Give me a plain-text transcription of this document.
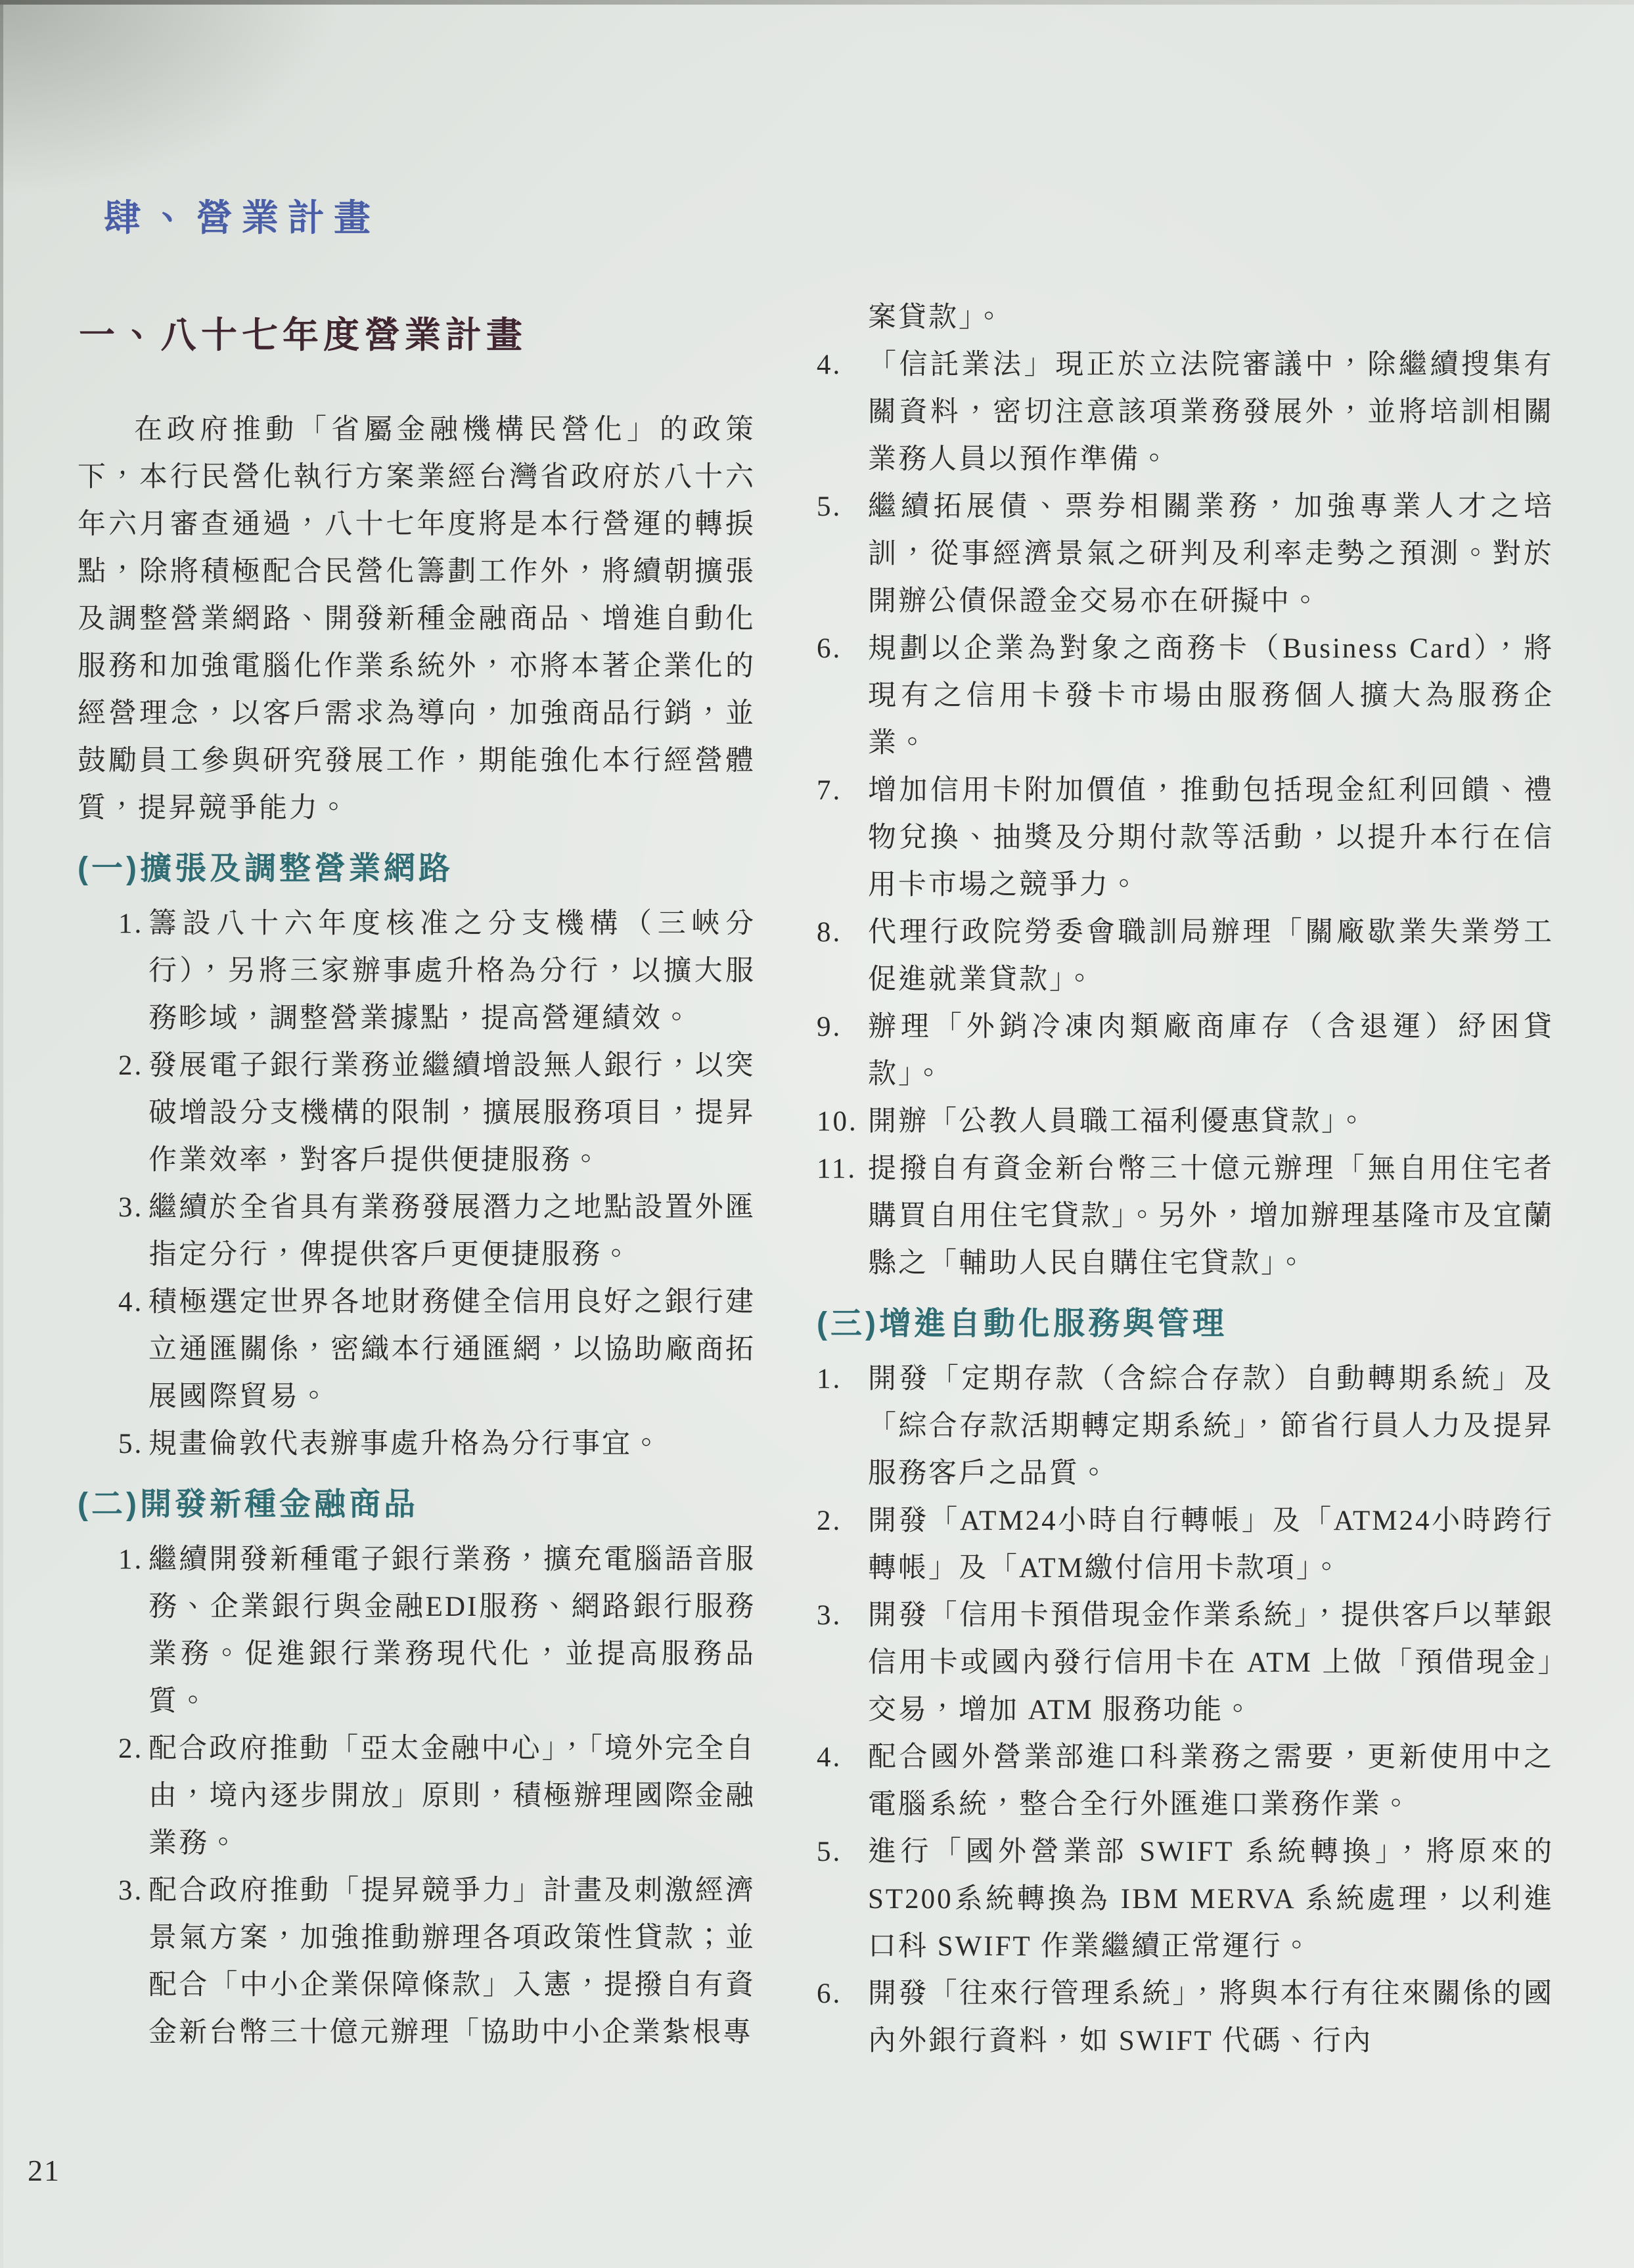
肆、營業計畫
一、八十七年度營業計畫

在政府推動「省屬金融機構民營化」的政策下，本行民營化執行方案業經台灣省政府於八十六年六月審查通過，八十七年度將是本行營運的轉捩點，除將積極配合民營化籌劃工作外，將續朝擴張及調整營業網路、開發新種金融商品、增進自動化服務和加強電腦化作業系統外，亦將本著企業化的經營理念，以客戶需求為導向，加強商品行銷，並鼓勵員工參與研究發展工作，期能強化本行經營體質，提昇競爭能力。

(一)擴張及調整營業網路
1. 籌設八十六年度核准之分支機構（三峽分行），另將三家辦事處升格為分行，以擴大服務畛域，調整營業據點，提高營運績效。
2. 發展電子銀行業務並繼續增設無人銀行，以突破增設分支機構的限制，擴展服務項目，提昇作業效率，對客戶提供便捷服務。
3. 繼續於全省具有業務發展潛力之地點設置外匯指定分行，俾提供客戶更便捷服務。
4. 積極選定世界各地財務健全信用良好之銀行建立通匯關係，密織本行通匯網，以協助廠商拓展國際貿易。
5. 規畫倫敦代表辦事處升格為分行事宜。
(二)開發新種金融商品
1. 繼續開發新種電子銀行業務，擴充電腦語音服務、企業銀行與金融EDI服務、網路銀行服務業務。促進銀行業務現代化，並提高服務品質。
2. 配合政府推動「亞太金融中心」，「境外完全自由，境內逐步開放」原則，積極辦理國際金融業務。
3. 配合政府推動「提昇競爭力」計畫及刺激經濟景氣方案，加強推動辦理各項政策性貸款；並配合「中小企業保障條款」入憲，提撥自有資金新台幣三十億元辦理「協助中小企業紮根專
案貸款」。
4. 「信託業法」現正於立法院審議中，除繼續搜集有關資料，密切注意該項業務發展外，並將培訓相關業務人員以預作準備。
5. 繼續拓展債、票券相關業務，加強專業人才之培訓，從事經濟景氣之研判及利率走勢之預測。對於開辦公債保證金交易亦在研擬中。
6. 規劃以企業為對象之商務卡（Business Card），將現有之信用卡發卡市場由服務個人擴大為服務企業。
7. 增加信用卡附加價值，推動包括現金紅利回饋、禮物兌換、抽獎及分期付款等活動，以提升本行在信用卡市場之競爭力。
8. 代理行政院勞委會職訓局辦理「關廠歇業失業勞工促進就業貸款」。
9. 辦理「外銷冷凍肉類廠商庫存（含退運）紓困貸款」。
10. 開辦「公教人員職工福利優惠貸款」。
11. 提撥自有資金新台幣三十億元辦理「無自用住宅者購買自用住宅貸款」。另外，增加辦理基隆市及宜蘭縣之「輔助人民自購住宅貸款」。
(三)增進自動化服務與管理
1. 開發「定期存款（含綜合存款）自動轉期系統」及「綜合存款活期轉定期系統」，節省行員人力及提昇服務客戶之品質。
2. 開發「ATM24小時自行轉帳」及「ATM24小時跨行轉帳」及「ATM繳付信用卡款項」。
3. 開發「信用卡預借現金作業系統」，提供客戶以華銀信用卡或國內發行信用卡在 ATM 上做「預借現金」交易，增加 ATM 服務功能。
4. 配合國外營業部進口科業務之需要，更新使用中之電腦系統，整合全行外匯進口業務作業。
5. 進行「國外營業部 SWIFT 系統轉換」，將原來的ST200系統轉換為 IBM MERVA 系統處理，以利進口科 SWIFT 作業繼續正常運行。
6. 開發「往來行管理系統」，將與本行有往來關係的國內外銀行資料，如 SWIFT 代碼、行內
21
